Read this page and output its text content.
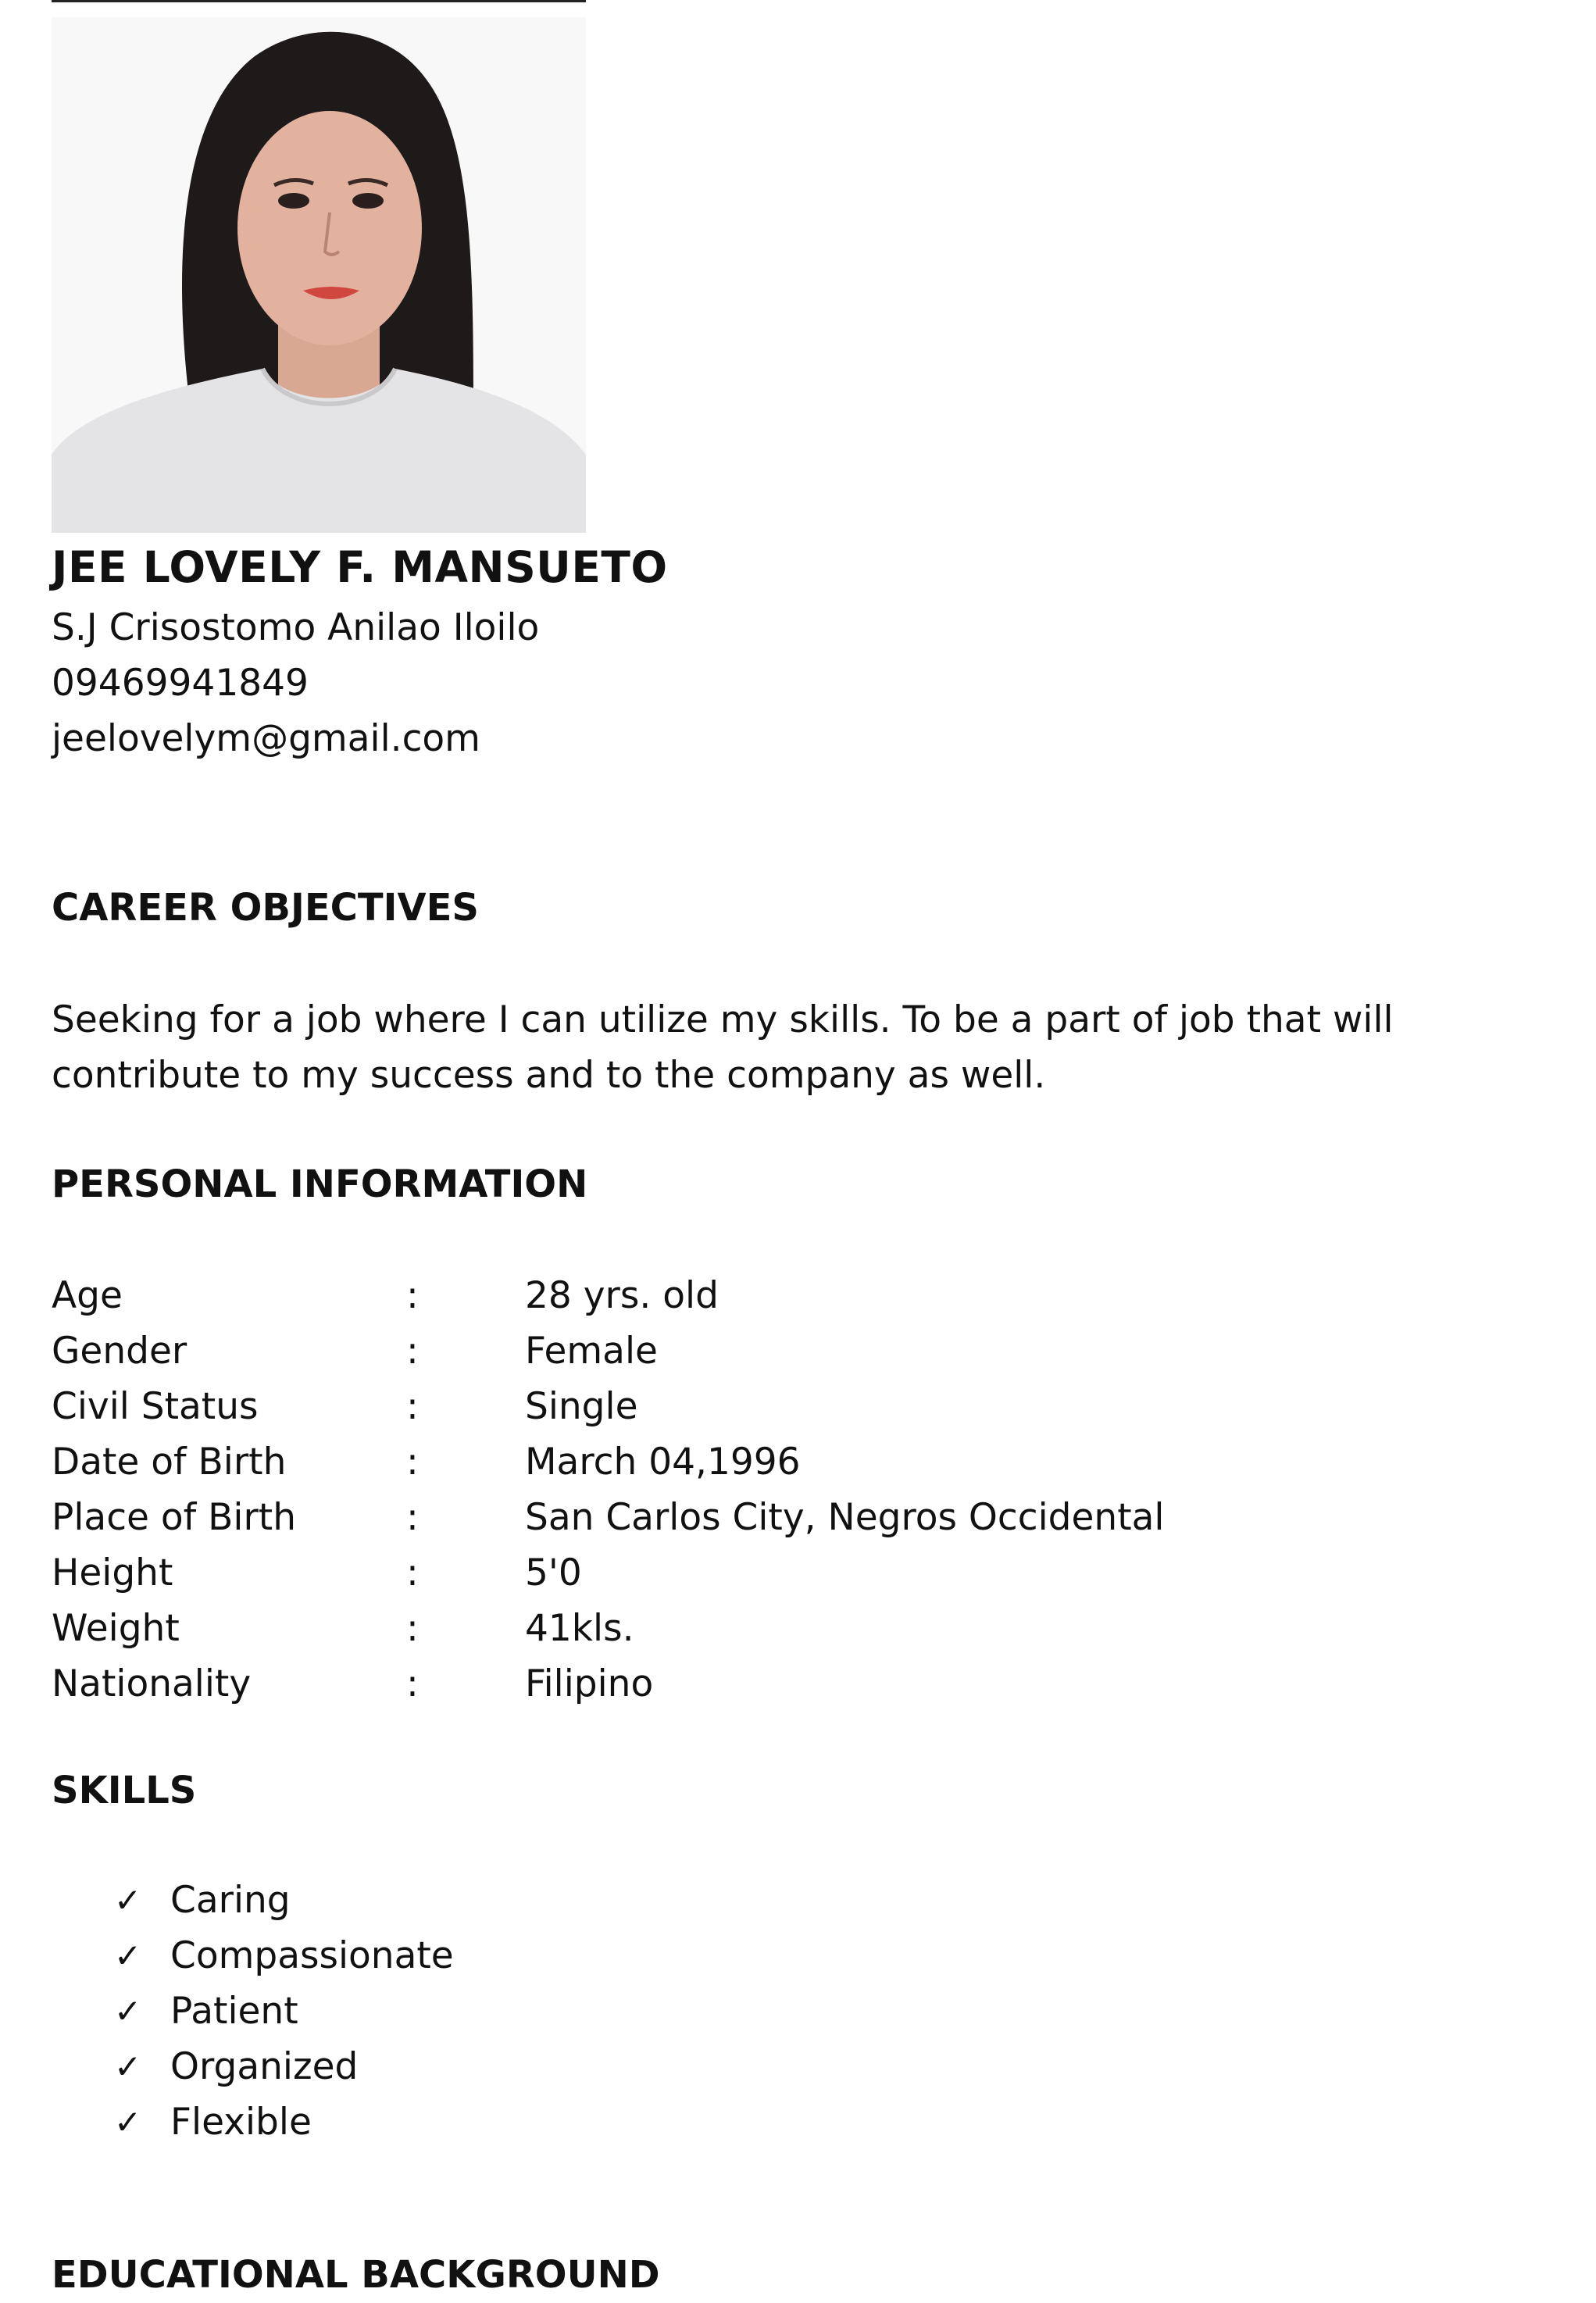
JEE LOVELY F. MANSUETO
S.J Crisostomo Anilao Iloilo
09469941849
jeelovelym@gmail.com
CAREER OBJECTIVES
Seeking for a job where I can utilize my skills. To be a part of job that will contribute to my success and to the company as well.
PERSONAL INFORMATION
Age	:	28 yrs. old
Gender	:	Female
Civil Status	:	Single
Date of Birth	:	March 04,1996
Place of Birth	:	San Carlos City, Negros Occidental
Height	:	5'0
Weight	:	41kls.
Nationality	:	Filipino
SKILLS
✓ Caring
✓ Compassionate
✓ Patient
✓ Organized
✓ Flexible
EDUCATIONAL BACKGROUND
